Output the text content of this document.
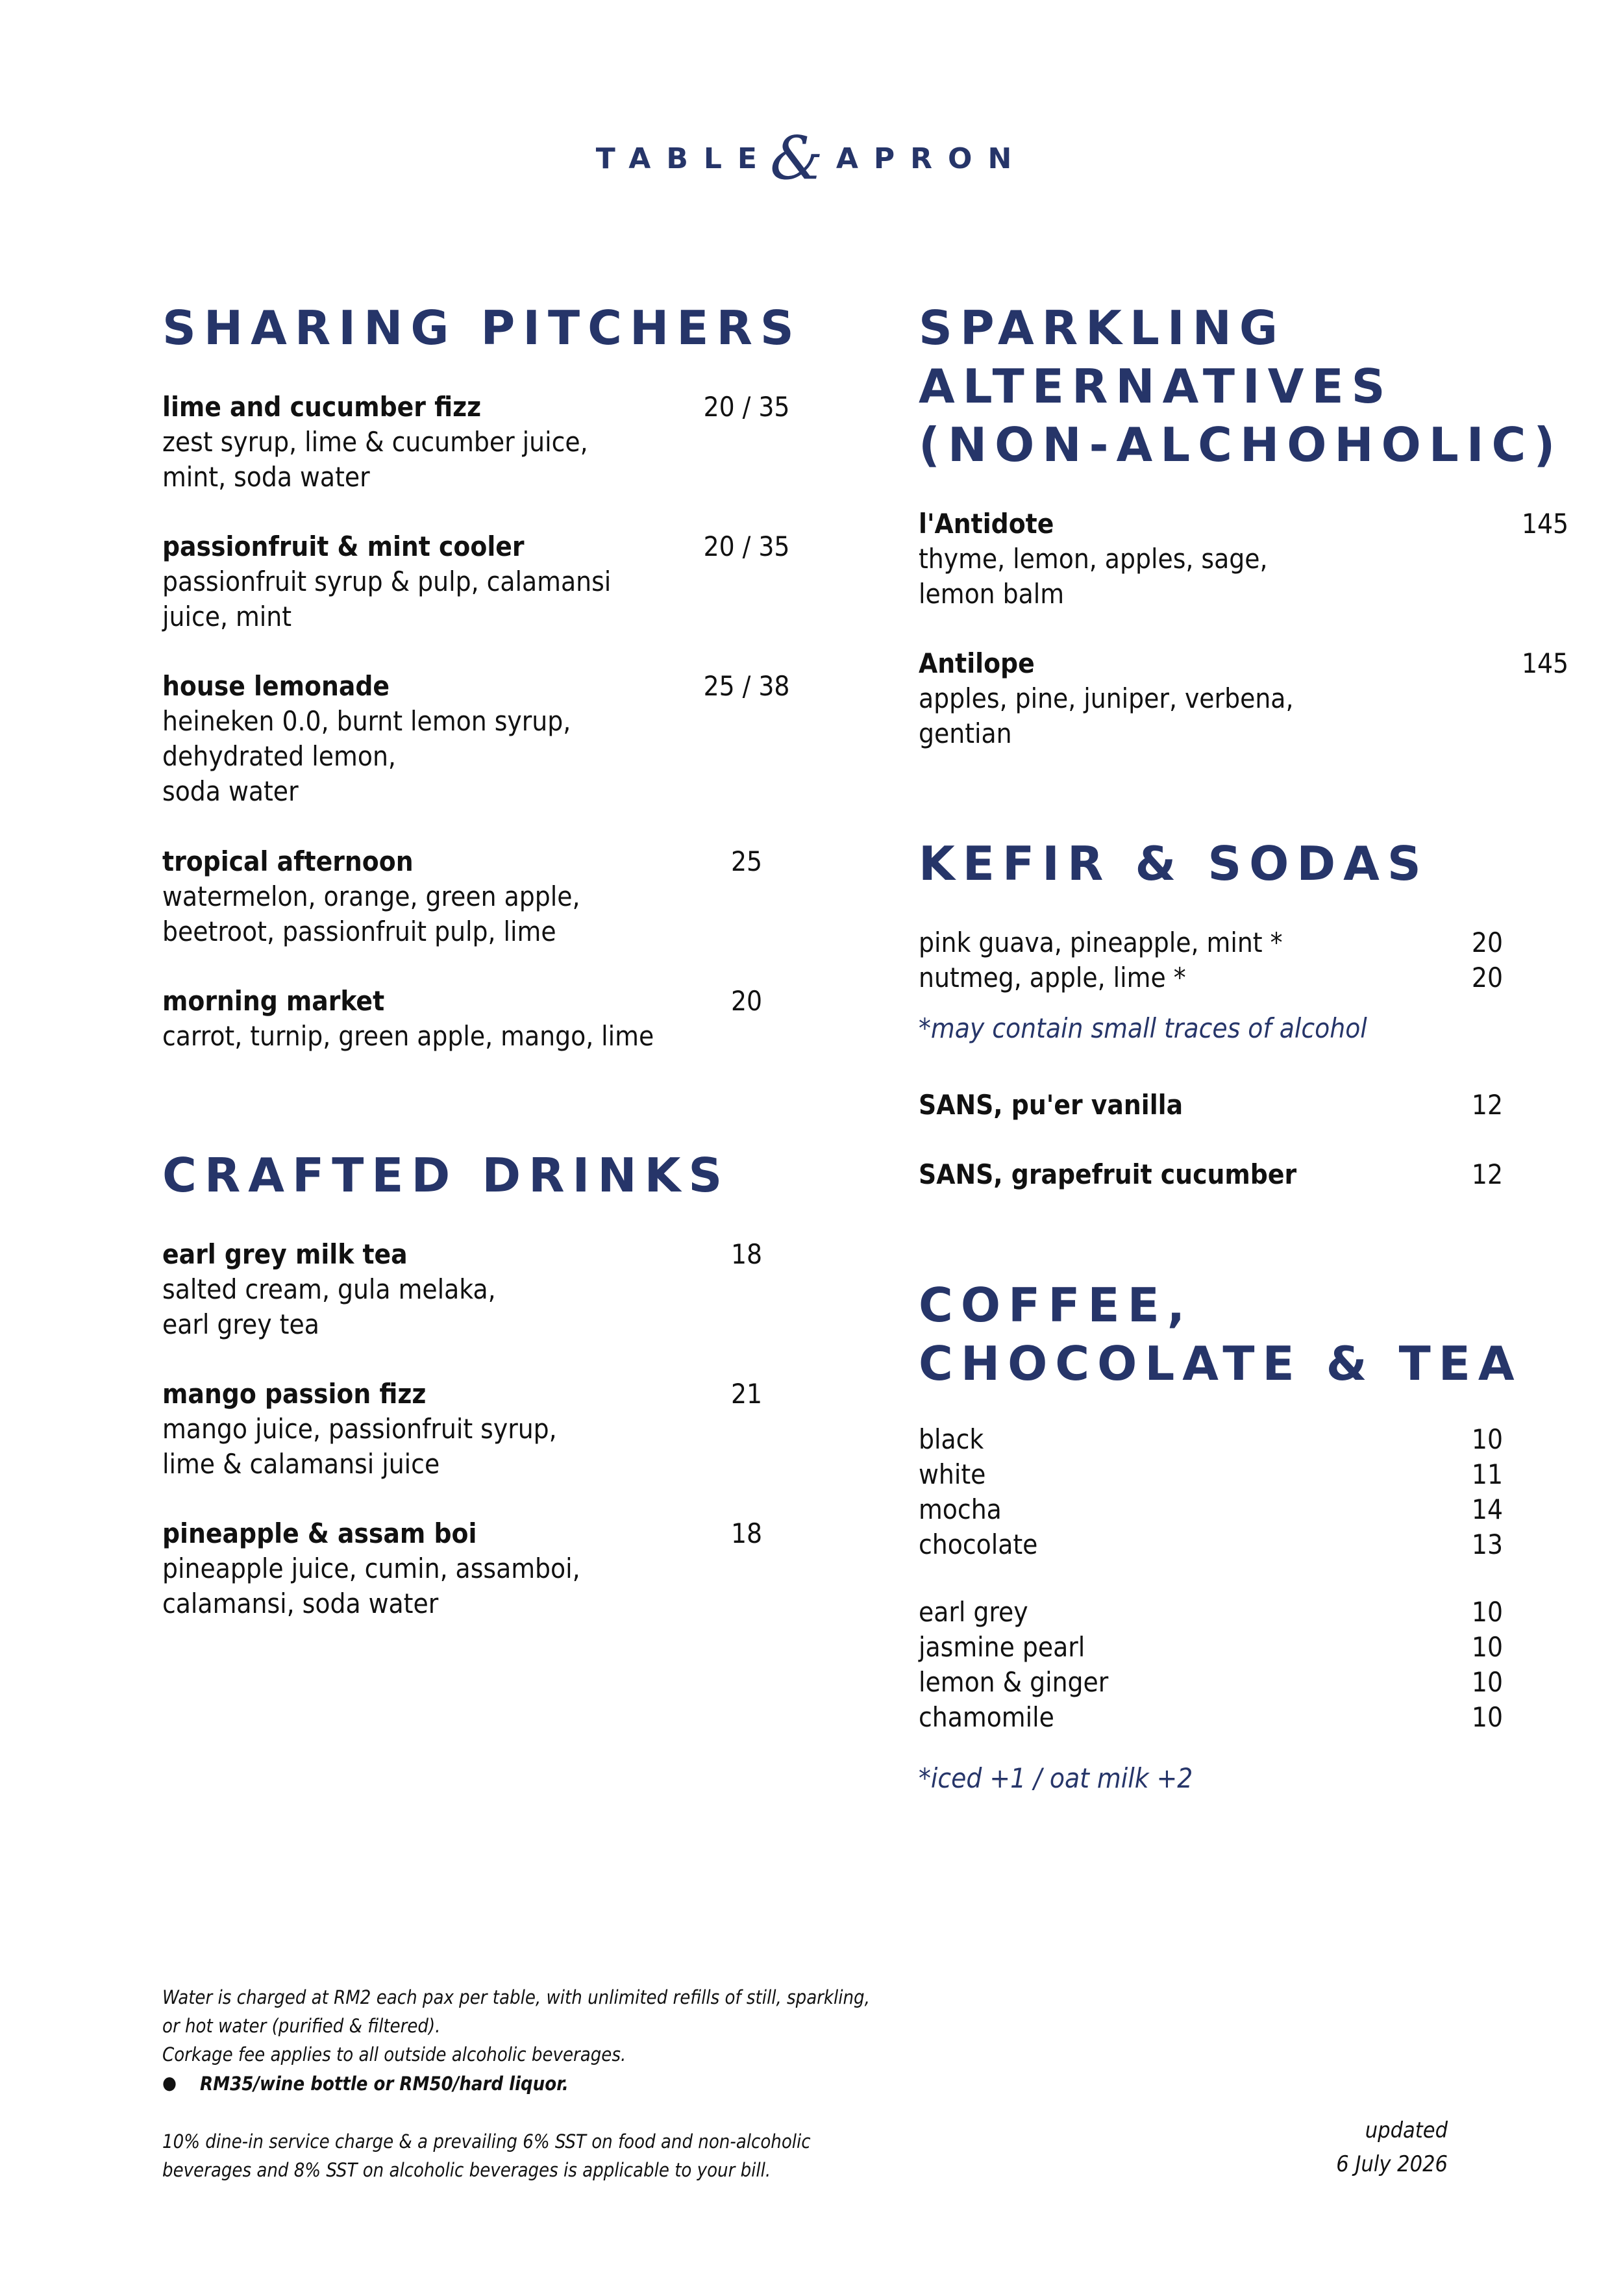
TABLE& APRON
SHARING PITCHERS
lime and cucumber fizz	20 / 35
zest syrup, lime & cucumber juice,
mint, soda water
passionfruit & mint cooler	20 / 35
passionfruit syrup & pulp, calamansi
juice, mint
house lemonade	25 / 38
heineken 0.0, burnt lemon syrup,
dehydrated lemon,
soda water
tropical afternoon	25
watermelon, orange, green apple,
beetroot, passionfruit pulp, lime
morning market	20
carrot, turnip, green apple, mango, lime
CRAFTED DRINKS
earl grey milk tea	18
salted cream, gula melaka,
earl grey tea
mango passion fizz	21
mango juice, passionfruit syrup,
lime & calamansi juice
pineapple & assam boi	18
pineapple juice, cumin, assamboi,
calamansi, soda water
SPARKLING
ALTERNATIVES
(NON-ALCHOHOLIC)
l'Antidote	145
thyme, lemon, apples, sage,
lemon balm
Antilope	145
apples, pine, juniper, verbena,
gentian
KEFIR & SODAS
pink guava, pineapple, mint *	20
nutmeg, apple, lime *	20
*may contain small traces of alcohol
SANS, pu'er vanilla	12
SANS, grapefruit cucumber	12
COFFEE,
CHOCOLATE & TEA
black	10
white	11
mocha	14
chocolate	13
earl grey	10
jasmine pearl	10
lemon & ginger	10
chamomile	10
*iced +1 / oat milk +2
Water is charged at RM2 each pax per table, with unlimited refills of still, sparkling,
or hot water (purified & filtered).
Corkage fee applies to all outside alcoholic beverages.
● RM35/wine bottle or RM50/hard liquor.
10% dine-in service charge & a prevailing 6% SST on food and non-alcoholic
beverages and 8% SST on alcoholic beverages is applicable to your bill.
updated
6 July 2026
